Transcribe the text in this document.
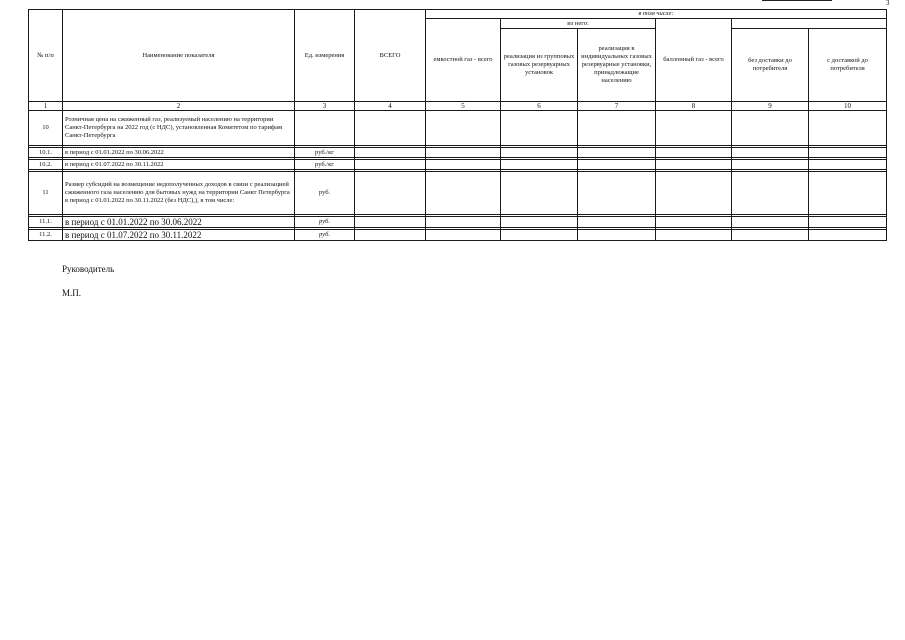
3
№ п/п	Наименование показателя	Ед. измерения	ВСЕГО	в том числе:					
				емкостной газ - всего	из него:		баллонный газ - всего		
					реализация из групповых газовых резервуарных установок	реализация в индивидуальных газовых резервуарные установки, принадлежащие населению		без доставки до потребителя	с доставкой до потребителя

1	2	3	4	5	6	7	8	9	10
10	Розничная цена на сжиженный газ, реализуемый населению на территории Санкт-Петербурга на 2022 год (с НДС), установленная Комитетом по тарифам Санкт-Петербурга								

10.1.	в период с 01.01.2022 по 30.06.2022	руб./кг							

10.2.	в период с 01.07.2022 по 30.11.2022	руб./кг							

11	Размер субсидий на возмещение недополученных доходов в связи с реализацией сжиженного газа населению для бытовых нужд на территории Санкт Петербурга в период с 01.01.2022 по 30.11.2022 (без НДС),), в том числе:	руб.							

11.1.	в период с 01.01.2022 по 30.06.2022	руб.							

11.2.	в период с 01.07.2022 по 30.11.2022	руб.							
Руководитель
М.П.
